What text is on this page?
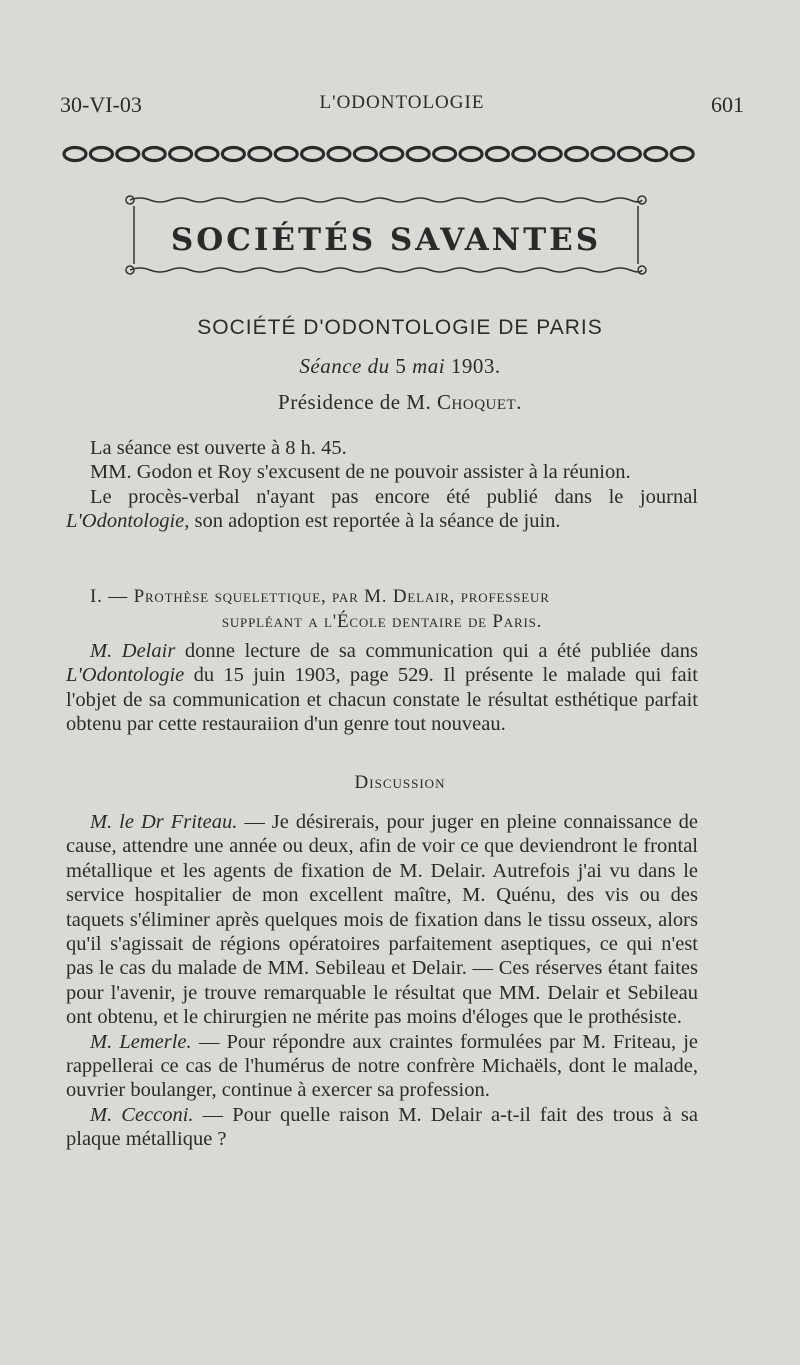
30-VI-03	L'ODONTOLOGIE	601
SOCIÉTÉS SAVANTES
SOCIÉTÉ D'ODONTOLOGIE DE PARIS
Séance du 5 mai 1903.
Présidence de M. Choquet.

La séance est ouverte à 8 h. 45.

MM. Godon et Roy s'excusent de ne pouvoir assister à la réunion.

Le procès-verbal n'ayant pas encore été publié dans le journal L'Odontologie, son adoption est reportée à la séance de juin.

I. — Prothèse squelettique, par M. Delair, professeur
suppléant a l'École dentaire de Paris.

M. Delair donne lecture de sa communication qui a été publiée dans L'Odontologie du 15 juin 1903, page 529. Il présente le malade qui fait l'objet de sa communication et chacun constate le résultat esthétique parfait obtenu par cette restauraiion d'un genre tout nouveau.

Discussion

M. le Dr Friteau. — Je désirerais, pour juger en pleine connaissance de cause, attendre une année ou deux, afin de voir ce que deviendront le frontal métallique et les agents de fixation de M. Delair. Autrefois j'ai vu dans le service hospitalier de mon excellent maître, M. Quénu, des vis ou des taquets s'éliminer après quelques mois de fixation dans le tissu osseux, alors qu'il s'agissait de régions opératoires parfaitement aseptiques, ce qui n'est pas le cas du malade de MM. Sebileau et Delair. — Ces réserves étant faites pour l'avenir, je trouve remarquable le résultat que MM. Delair et Sebileau ont obtenu, et le chirurgien ne mérite pas moins d'éloges que le prothésiste.

M. Lemerle. — Pour répondre aux craintes formulées par M. Friteau, je rappellerai ce cas de l'humérus de notre confrère Michaëls, dont le malade, ouvrier boulanger, continue à exercer sa profession.

M. Cecconi. — Pour quelle raison M. Delair a-t-il fait des trous à sa plaque métallique ?
